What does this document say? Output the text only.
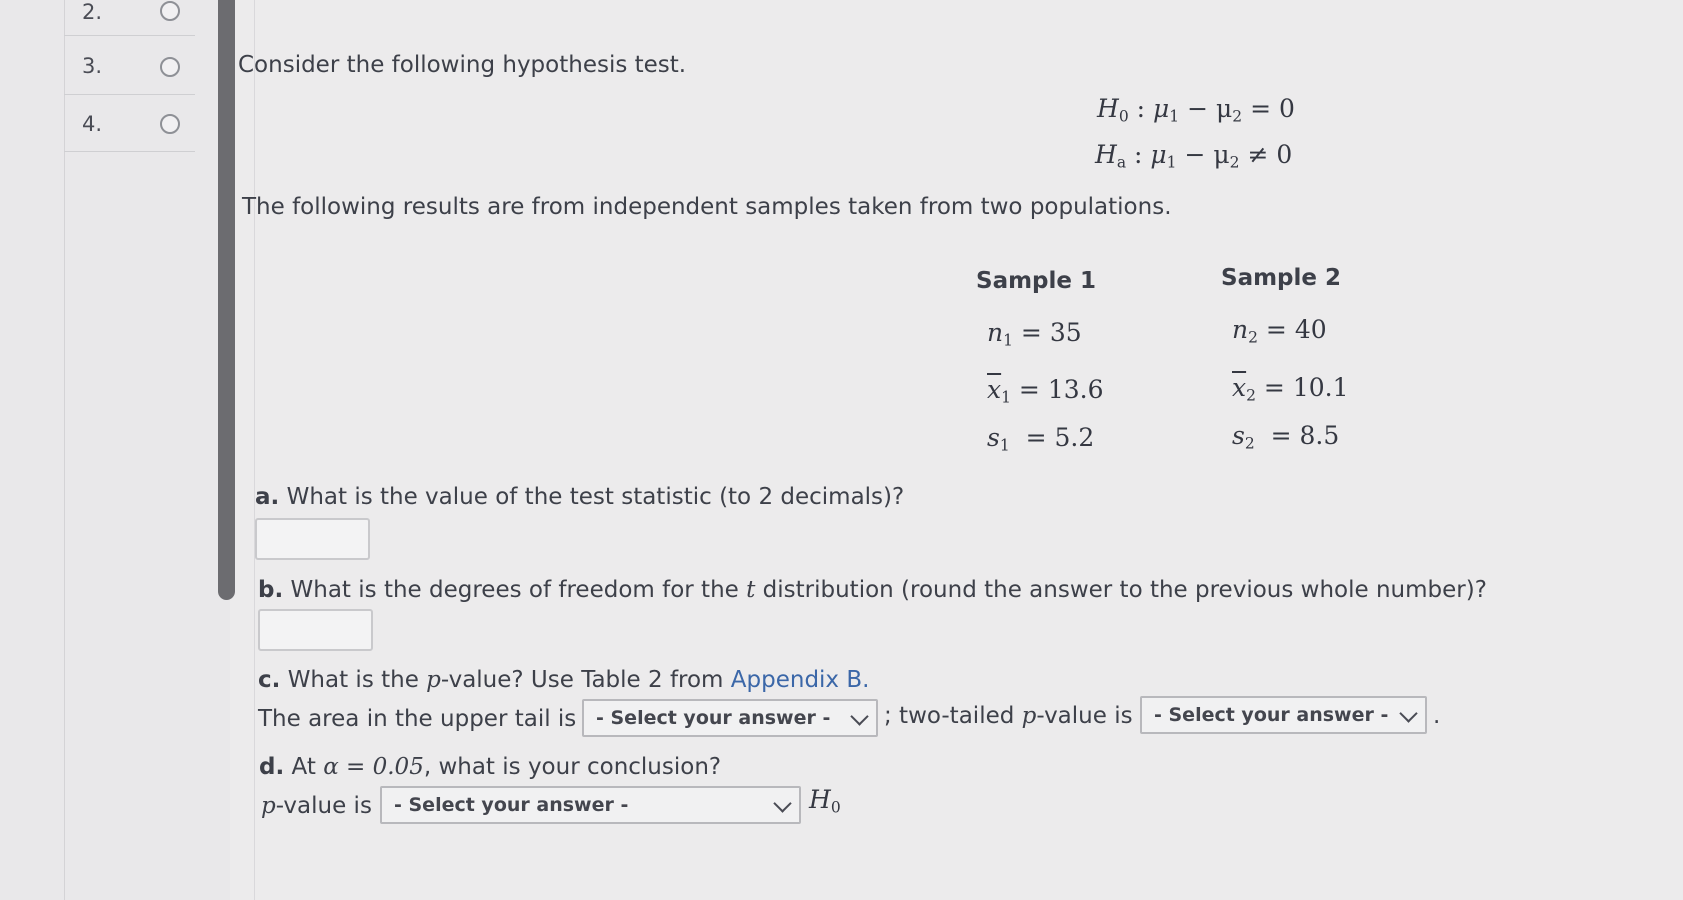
2.
3.
4.
Consider the following hypothesis test.
$H_0$ : $\mu_1 - \mu_2 = 0$
$H_a$ : $\mu_1 - \mu_2 \ne 0$
The following results are from independent samples taken from two populations.
Sample 1	Sample 2
$n_1 = 35$	$n_2 = 40$
$\overline{x}_1 = 13.6$	$\overline{x}_2 = 10.1$
$s_1 = 5.2$	$s_2 = 8.5$
a. What is the value of the test statistic (to 2 decimals)?
b. What is the degrees of freedom for the t distribution (round the answer to the previous whole number)?
c. What is the p-value? Use Table 2 from Appendix B.
The area in the upper tail is - Select your answer - ; two-tailed p-value is - Select your answer - .
d. At α = 0.05, what is your conclusion?
p-value is - Select your answer -	$H_0$
